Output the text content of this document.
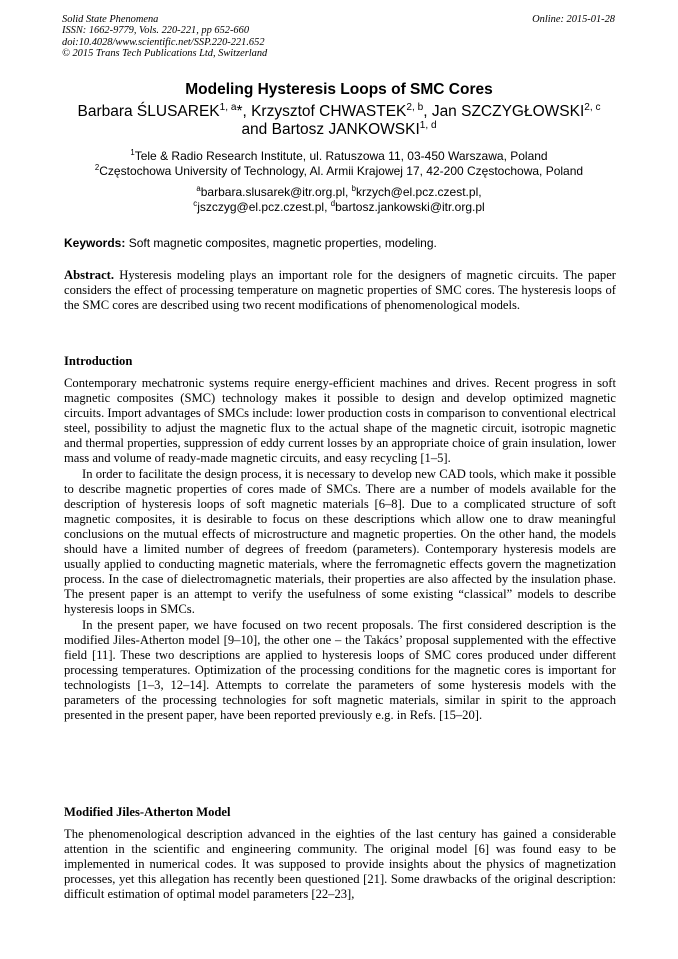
Solid State Phenomena
ISSN: 1662-9779, Vols. 220-221, pp 652-660
doi:10.4028/www.scientific.net/SSP.220-221.652
© 2015 Trans Tech Publications Ltd, Switzerland
Online: 2015-01-28
Modeling Hysteresis Loops of SMC Cores
Barbara ŚLUSAREK$^{1, a}$*, Krzysztof CHWASTEK$^{2, b}$, Jan SZCZYGŁOWSKI$^{2, c}$
and Bartosz JANKOWSKI$^{1, d}$
$^1$Tele & Radio Research Institute, ul. Ratuszowa 11, 03-450 Warszawa, Poland
$^2$Częstochowa University of Technology, Al. Armii Krajowej 17, 42-200 Częstochowa, Poland
$^a$barbara.slusarek@itr.org.pl, $^b$krzych@el.pcz.czest.pl,
$^c$jszczyg@el.pcz.czest.pl, $^d$bartosz.jankowski@itr.org.pl
Keywords: Soft magnetic composites, magnetic properties, modeling.

Abstract. Hysteresis modeling plays an important role for the designers of magnetic circuits. The paper considers the effect of processing temperature on magnetic properties of SMC cores. The hysteresis loops of the SMC cores are described using two recent modifications of phenomenological models.

Introduction

Contemporary mechatronic systems require energy-efficient machines and drives. Recent progress in soft magnetic composites (SMC) technology makes it possible to design and develop optimized magnetic circuits. Import advantages of SMCs include: lower production costs in comparison to conventional electrical steel, possibility to adjust the magnetic flux to the actual shape of the magnetic circuit, isotropic magnetic and thermal properties, suppression of eddy current losses by an appropriate choice of grain insulation, lower mass and volume of ready-made magnetic circuits, and easy recycling [1–5].

In order to facilitate the design process, it is necessary to develop new CAD tools, which make it possible to describe magnetic properties of cores made of SMCs. There are a number of models available for the description of hysteresis loops of soft magnetic materials [6–8]. Due to a complicated structure of soft magnetic composites, it is desirable to focus on these descriptions which allow one to draw meaningful conclusions on the mutual effects of microstructure and magnetic properties. On the other hand, the models should have a limited number of degrees of freedom (parameters). Contemporary hysteresis models are usually applied to conducting magnetic materials, where the ferromagnetic effects govern the magnetization process. In the case of dielectromagnetic materials, their properties are also affected by the insulation phase. The present paper is an attempt to verify the usefulness of some existing “classical” models to describe hysteresis loops in SMCs.

In the present paper, we have focused on two recent proposals. The first considered description is the modified Jiles-Atherton model [9–10], the other one – the Takács’ proposal supplemented with the effective field [11]. These two descriptions are applied to hysteresis loops of SMC cores produced under different processing temperatures. Optimization of the processing conditions for the magnetic cores is important for technologists [1–3, 12–14]. Attempts to correlate the parameters of some hysteresis models with the parameters of the processing technologies for soft magnetic materials, similar in spirit to the approach presented in the present paper, have been reported previously e.g. in Refs. [15–20].

Modified Jiles-Atherton Model

The phenomenological description advanced in the eighties of the last century has gained a considerable attention in the scientific and engineering community. The original model [6] was found easy to be implemented in numerical codes. It was supposed to provide insights about the physics of magnetization processes, yet this allegation has recently been questioned [21]. Some drawbacks of the original description: difficult estimation of optimal model parameters [22–23],
